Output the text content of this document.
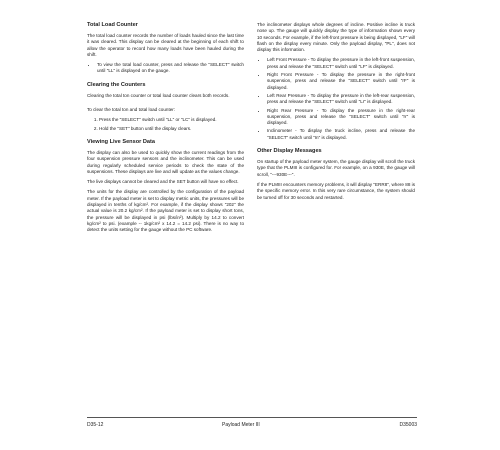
Total Load Counter

The total load counter records the number of loads hauled since the last time it was cleared. This display can be cleared at the beginning of each shift to allow the operator to record how many loads have been hauled during the shift.

• To view the total load counter, press and release the "SELECT" switch until "LL" is displayed on the gauge.
Clearing the Counters

Clearing the total ton counter or total load counter clears both records.

To clear the total ton and total load counter:

1. Press the "SELECT" switch until "LL" or "LC" is displayed.
2. Hold the "SET" button until the display clears.
Viewing Live Sensor Data

The display can also be used to quickly show the current readings from the four suspension pressure sensors and the inclinometer. This can be used during regularly scheduled service periods to check the state of the suspensions. These displays are live and will update as the values change.

The live displays cannot be cleared and the SET button will have no effect.

The units for the display are controlled by the configuration of the payload meter. If the payload meter is set to display metric units, the pressures will be displayed in tenths of kg/cm². For example, if the display shows "202" the actual value is 20.2 kg/cm². If the payload meter is set to display short tons, the pressure will be displayed in psi (lbs/in²). Multiply by 14.2 to convert kg/cm² to psi. (example -- 1kg/cm² x 14.2 = 14.2 psi). There is no way to detect the units setting for the gauge without the PC software.

The inclinometer displays whole degrees of incline. Positive incline is truck nose up. The gauge will quickly display the type of information shown every 10 seconds. For example, if the left-front pressure is being displayed, "LF" will flash on the display every minute. Only the payload display, "PL", does not display this information.

• Left Front Pressure - To display the pressure in the left-front suspension, press and release the "SELECT" switch until "LF" is displayed.
• Right Front Pressure - To display the pressure in the right-front suspension, press and release the "SELECT" switch until "rF" is displayed.
• Left Rear Pressure - To display the pressure in the left-rear suspension, press and release the "SELECT" switch until "Lr" is displayed.
• Right Rear Pressure - To display the pressure in the right-rear suspension, press and release the "SELECT" switch until "rr" is displayed.
• Inclinometer - To display the truck incline, press and release the "SELECT" switch until "In" is displayed.
Other Display Messages

On startup of the payload meter system, the gauge display will scroll the truck type that the PLMIII is configured for. For example, on a 930E, the gauge will scroll, "---930E---".

If the PLMIII encounters memory problems, it will display "ERR8", where 88 is the specific memory error. In this very rare circumstance, the system should be turned off for 30 seconds and restarted.

D35-12	Payload Meter III	D35003
